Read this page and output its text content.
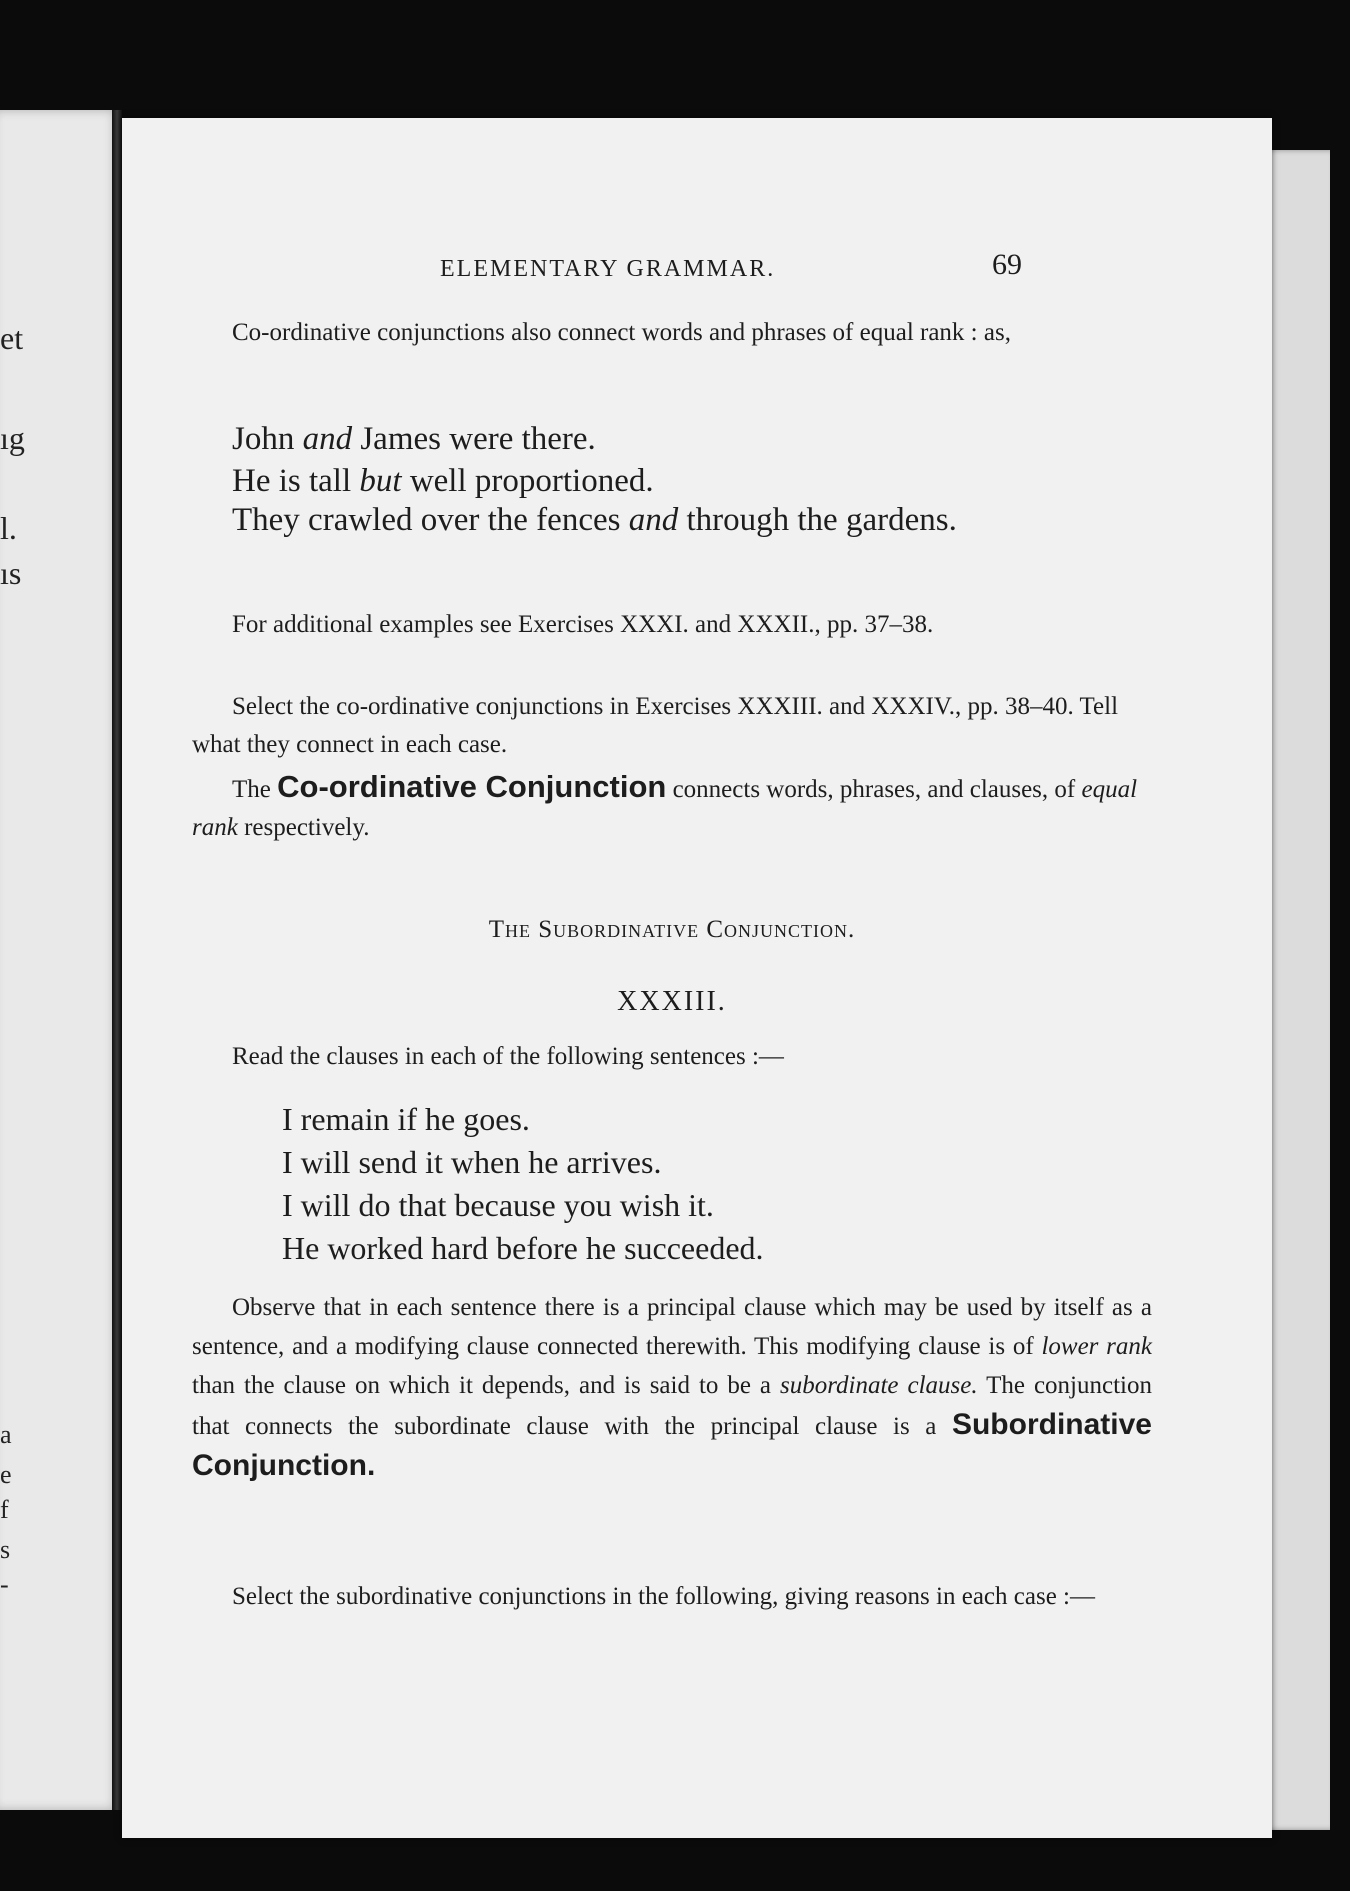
et
ıg
l.
ıs
a
e
f
s
-
ELEMENTARY GRAMMAR.	69
Co-ordinative conjunctions also connect words and phrases of equal rank : as,
John and James were there.
He is tall but well proportioned.
They crawled over the fences and through the gardens.
For additional examples see Exercises XXXI. and XXXII., pp. 37–38.
Select the co-ordinative conjunctions in Exercises XXXIII. and XXXIV., pp. 38–40. Tell what they connect in each case.
The Co-ordinative Conjunction connects words, phrases, and clauses, of equal rank respectively.
The Subordinative Conjunction.
XXXIII.
Read the clauses in each of the following sentences :—
I remain if he goes.
I will send it when he arrives.
I will do that because you wish it.
He worked hard before he succeeded.
Observe that in each sentence there is a principal clause which may be used by itself as a sentence, and a modifying clause connected therewith. This modifying clause is of lower rank than the clause on which it depends, and is said to be a subordinate clause. The conjunction that connects the subordinate clause with the principal clause is a Subordinative Conjunction.
Select the subordinative conjunctions in the following, giving reasons in each case :—
